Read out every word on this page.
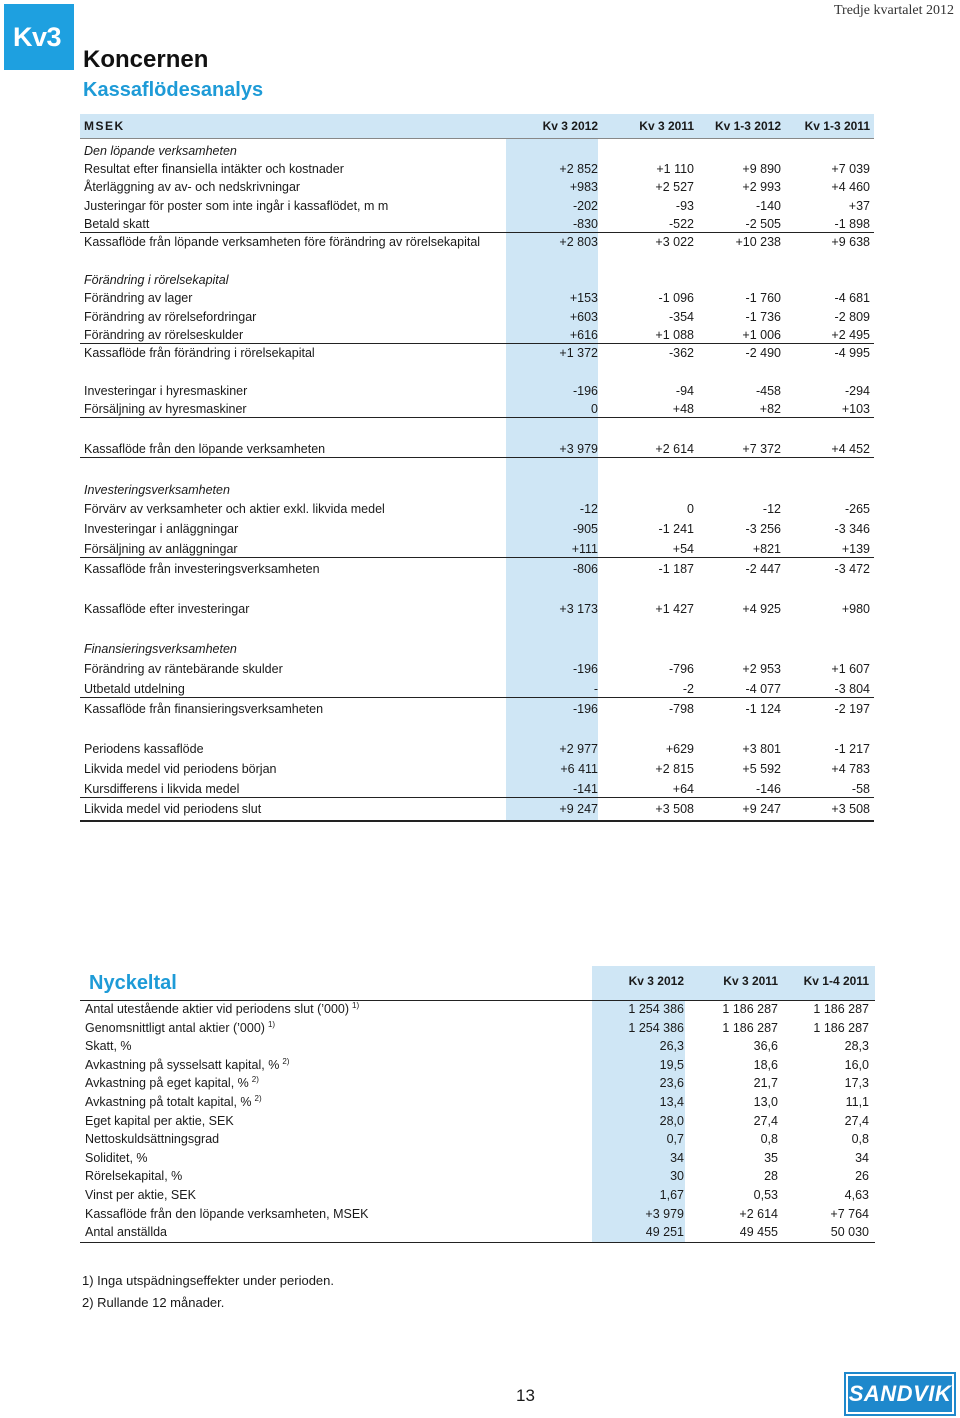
Kv3
Tredje kvartalet 2012
Koncernen
Kassaflödesanalys
MSEK	Kv 3 2012	Kv 3 2011	Kv 1-3 2012	Kv 1-3 2011
Den löpande verksamheten
Resultat efter finansiella intäkter och kostnader	+2 852	+1 110	+9 890	+7 039
Återläggning av av- och nedskrivningar	+983	+2 527	+2 993	+4 460
Justeringar för poster som inte ingår i kassaflödet, m m	-202	-93	-140	+37
Betald skatt	-830	-522	-2 505	-1 898
Kassaflöde från löpande verksamheten före förändring av rörelsekapital	+2 803	+3 022	+10 238	+9 638
Förändring i rörelsekapital
Förändring av lager	+153	-1 096	-1 760	-4 681
Förändring av rörelsefordringar	+603	-354	-1 736	-2 809
Förändring av rörelseskulder	+616	+1 088	+1 006	+2 495
Kassaflöde från förändring i rörelsekapital	+1 372	-362	-2 490	-4 995
Investeringar i hyresmaskiner	-196	-94	-458	-294
Försäljning av hyresmaskiner	0	+48	+82	+103
Kassaflöde från den löpande verksamheten	+3 979	+2 614	+7 372	+4 452
Investeringsverksamheten
Förvärv av verksamheter och aktier exkl. likvida medel	-12	0	-12	-265
Investeringar i anläggningar	-905	-1 241	-3 256	-3 346
Försäljning av anläggningar	+111	+54	+821	+139
Kassaflöde från investeringsverksamheten	-806	-1 187	-2 447	-3 472
Kassaflöde efter investeringar	+3 173	+1 427	+4 925	+980
Finansieringsverksamheten
Förändring av räntebärande skulder	-196	-796	+2 953	+1 607
Utbetald utdelning	-	-2	-4 077	-3 804
Kassaflöde från finansieringsverksamheten	-196	-798	-1 124	-2 197
Periodens kassaflöde	+2 977	+629	+3 801	-1 217
Likvida medel vid periodens början	+6 411	+2 815	+5 592	+4 783
Kursdifferens i likvida medel	-141	+64	-146	-58
Likvida medel vid periodens slut	+9 247	+3 508	+9 247	+3 508
Nyckeltal	Kv 3 2012	Kv 3 2011	Kv 1-4 2011
Antal utestående aktier vid periodens slut (’000) $^{1)}$	1 254 386	1 186 287	1 186 287
Genomsnittligt antal aktier (’000) $^{1)}$	1 254 386	1 186 287	1 186 287
Skatt, %	26,3	36,6	28,3
Avkastning på sysselsatt kapital, % $^{2)}$	19,5	18,6	16,0
Avkastning på eget kapital, % $^{2)}$	23,6	21,7	17,3
Avkastning på totalt kapital, % $^{2)}$	13,4	13,0	11,1
Eget kapital per aktie, SEK	28,0	27,4	27,4
Nettoskuldsättningsgrad	0,7	0,8	0,8
Soliditet, %	34	35	34
Rörelsekapital, %	30	28	26
Vinst per aktie, SEK	1,67	0,53	4,63
Kassaflöde från den löpande verksamheten, MSEK	+3 979	+2 614	+7 764
Antal anställda	49 251	49 455	50 030
1) Inga utspädningseffekter under perioden.
2) Rullande 12 månader.
13	SANDVIK
